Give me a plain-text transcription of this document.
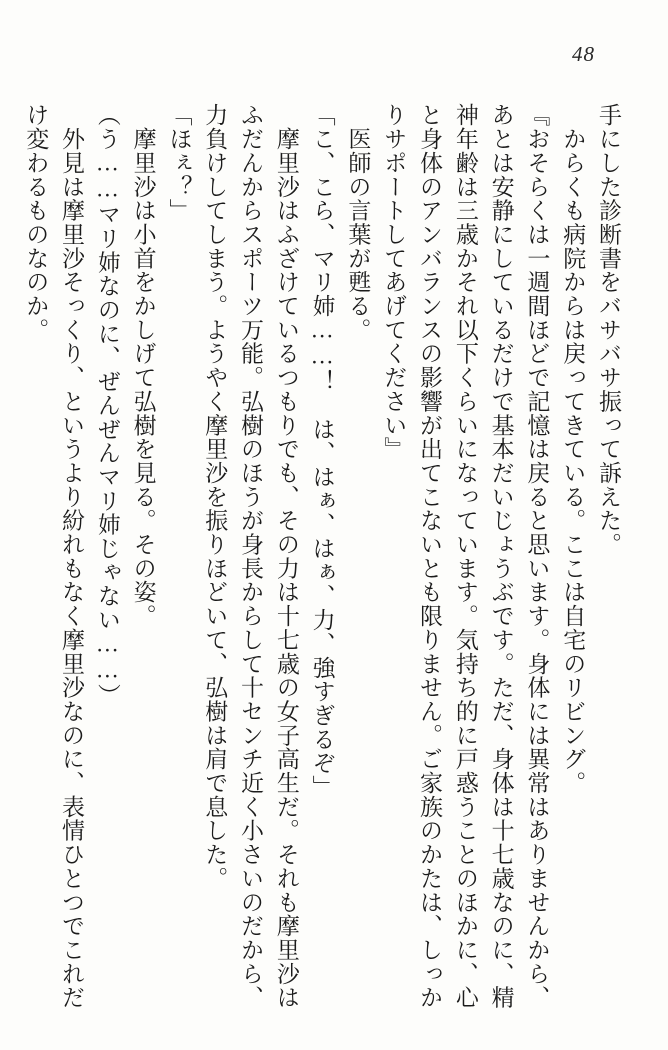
48

手にした診断書をバサバサ振って訴えた。

　からくも病院からは戻ってきている。ここは自宅のリビング。

『おそらくは一週間ほどで記憶は戻ると思います。身体には異常はありませんから、あとは安静にしているだけで基本だいじょうぶです。ただ、身体は十七歳なのに、精神年齢は三歳かそれ以下くらいになっています。気持ち的に戸惑うことのほかに、心と身体のアンバランスの影響が出てこないとも限りません。ご家族のかたは、しっかりサポートしてあげてください』

　医師の言葉が甦る。

「こ、こら、マリ姉……！　は、はぁ、はぁ、力、強すぎるぞ」

　摩里沙はふざけているつもりでも、その力は十七歳の女子高生だ。それも摩里沙はふだんからスポーツ万能。弘樹のほうが身長からして十センチ近く小さいのだから、力負けしてしまう。ようやく摩里沙を振りほどいて、弘樹は肩で息した。

「ほぇ？」

　摩里沙は小首をかしげて弘樹を見る。その姿。

（う……マリ姉なのに、ぜんぜんマリ姉じゃない……）

　外見は摩里沙そっくり、というより紛れもなく摩里沙なのに、表情ひとつでこれだけ変わるものなのか。
